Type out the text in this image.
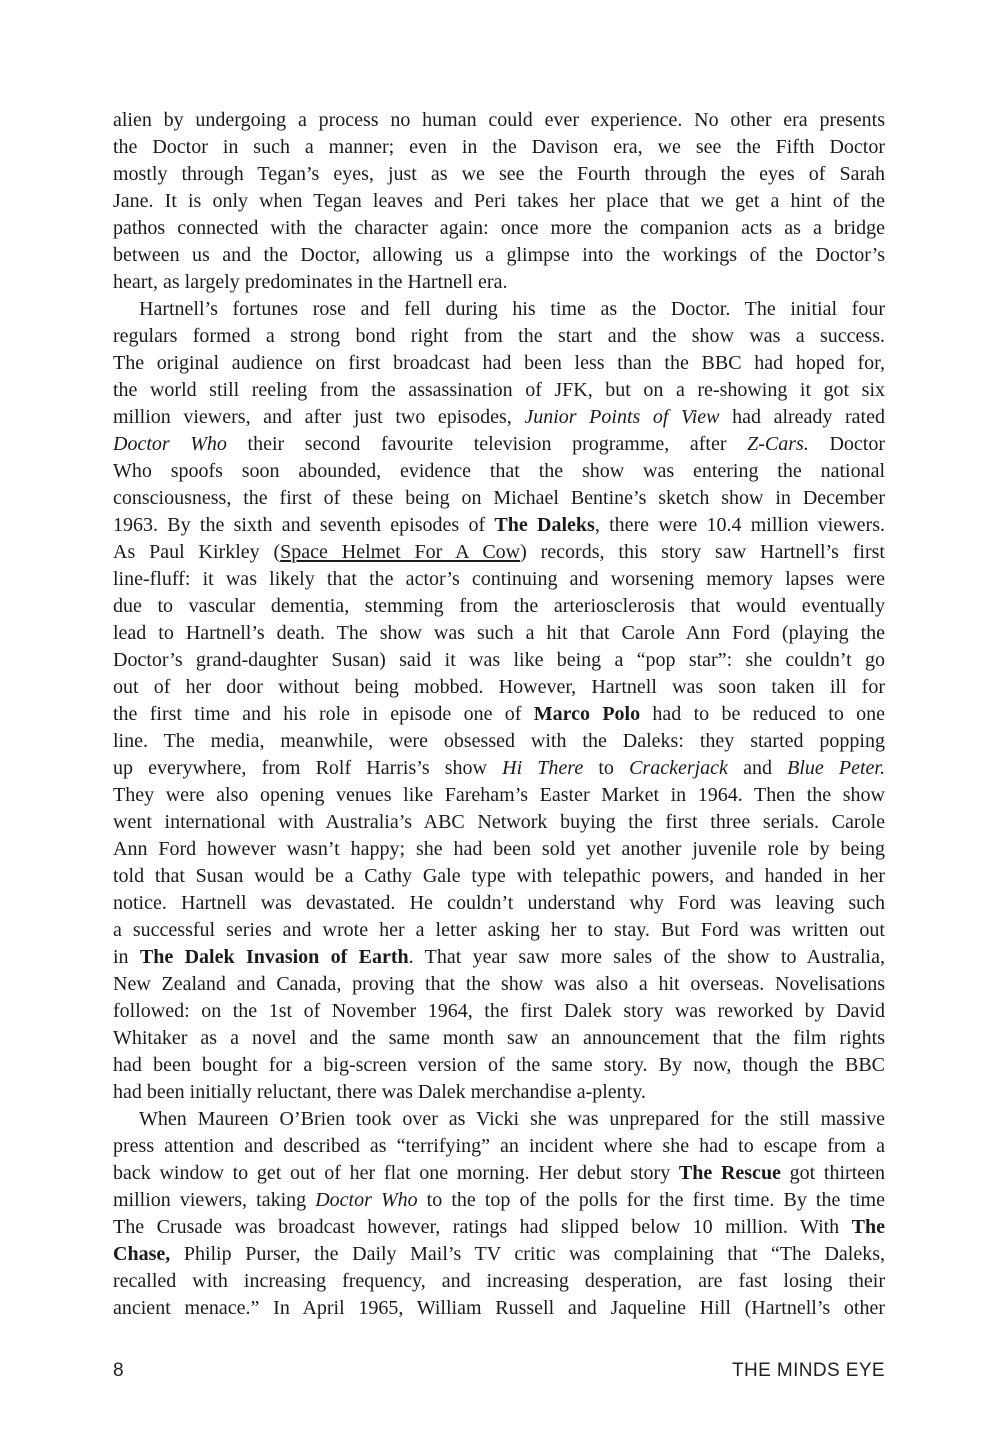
alien by undergoing a process no human could ever experience. No other era presents
the Doctor in such a manner; even in the Davison era, we see the Fifth Doctor
mostly through Tegan’s eyes, just as we see the Fourth through the eyes of Sarah
Jane. It is only when Tegan leaves and Peri takes her place that we get a hint of the
pathos connected with the character again: once more the companion acts as a bridge
between us and the Doctor, allowing us a glimpse into the workings of the Doctor’s
heart, as largely predominates in the Hartnell era.
Hartnell’s fortunes rose and fell during his time as the Doctor. The initial four
regulars formed a strong bond right from the start and the show was a success.
The original audience on first broadcast had been less than the BBC had hoped for,
the world still reeling from the assassination of JFK, but on a re-showing it got six
million viewers, and after just two episodes, Junior Points of View had already rated
Doctor Who their second favourite television programme, after Z-Cars. Doctor
Who spoofs soon abounded, evidence that the show was entering the national
consciousness, the first of these being on Michael Bentine’s sketch show in December
1963. By the sixth and seventh episodes of The Daleks, there were 10.4 million viewers.
As Paul Kirkley (Space Helmet For A Cow) records, this story saw Hartnell’s first
line-fluff: it was likely that the actor’s continuing and worsening memory lapses were
due to vascular dementia, stemming from the arteriosclerosis that would eventually
lead to Hartnell’s death. The show was such a hit that Carole Ann Ford (playing the
Doctor’s grand-daughter Susan) said it was like being a “pop star”: she couldn’t go
out of her door without being mobbed. However, Hartnell was soon taken ill for
the first time and his role in episode one of Marco Polo had to be reduced to one
line. The media, meanwhile, were obsessed with the Daleks: they started popping
up everywhere, from Rolf Harris’s show Hi There to Crackerjack and Blue Peter.
They were also opening venues like Fareham’s Easter Market in 1964. Then the show
went international with Australia’s ABC Network buying the first three serials. Carole
Ann Ford however wasn’t happy; she had been sold yet another juvenile role by being
told that Susan would be a Cathy Gale type with telepathic powers, and handed in her
notice. Hartnell was devastated. He couldn’t understand why Ford was leaving such
a successful series and wrote her a letter asking her to stay. But Ford was written out
in The Dalek Invasion of Earth. That year saw more sales of the show to Australia,
New Zealand and Canada, proving that the show was also a hit overseas. Novelisations
followed: on the 1st of November 1964, the first Dalek story was reworked by David
Whitaker as a novel and the same month saw an announcement that the film rights
had been bought for a big-screen version of the same story. By now, though the BBC
had been initially reluctant, there was Dalek merchandise a-plenty.
When Maureen O’Brien took over as Vicki she was unprepared for the still massive
press attention and described as “terrifying” an incident where she had to escape from a
back window to get out of her flat one morning. Her debut story The Rescue got thirteen
million viewers, taking Doctor Who to the top of the polls for the first time. By the time
The Crusade was broadcast however, ratings had slipped below 10 million. With The
Chase, Philip Purser, the Daily Mail’s TV critic was complaining that “The Daleks,
recalled with increasing frequency, and increasing desperation, are fast losing their
ancient menace.” In April 1965, William Russell and Jaqueline Hill (Hartnell’s other
8	THE MINDS EYE
